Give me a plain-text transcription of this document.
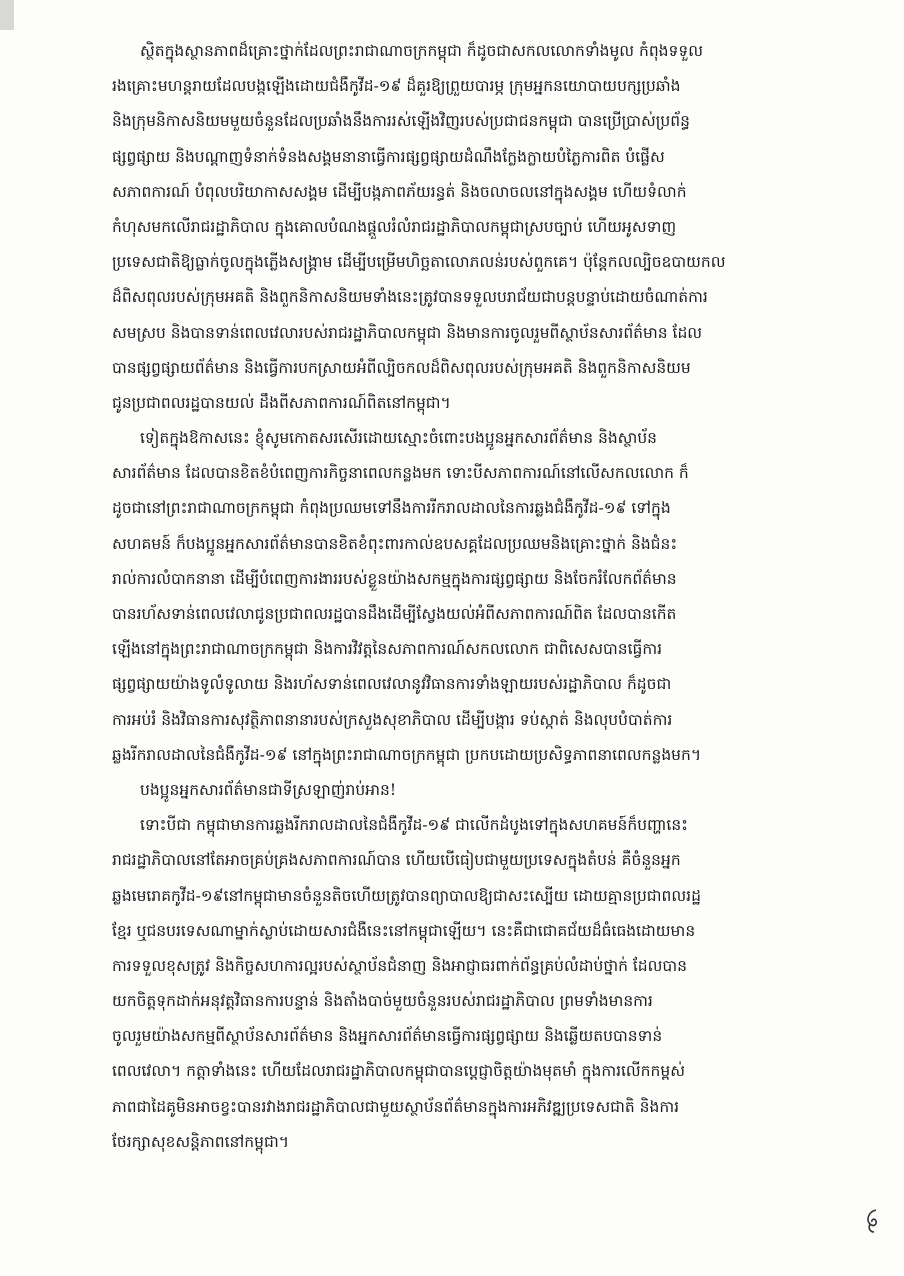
ស្ថិតក្នុងស្ថានភាពដ៏គ្រោះថ្នាក់ដែលព្រះរាជាណាចក្រកម្ពុជា ក៏ដូចជាសកលលោកទាំងមូល កំពុងទទួល
រងគ្រោះមហន្តរាយដែលបង្កឡើងដោយជំងឺកូវីដ-១៩ ដ៏គួរឱ្យព្រួយបារម្ភ ក្រុមអ្នកនយោបាយបក្សប្រឆាំង
និងក្រុមនិកាសនិយមមួយចំនួនដែលប្រឆាំងនឹងការរស់ឡើងវិញរបស់ប្រជាជនកម្ពុជា បានប្រើប្រាស់ប្រព័ន្ធ
ផ្សព្វផ្សាយ និងបណ្តាញទំនាក់ទំនងសង្គមនានាធ្វើការផ្សព្វផ្សាយដំណឹងក្លែងក្លាយបំភ្លៃការពិត បំផ្លើស
សភាពការណ៍ បំពុលបរិយាកាសសង្គម ដើម្បីបង្កភាពភ័យរន្ធត់ និងចលាចលនៅក្នុងសង្គម ហើយទំលាក់
កំហុសមកលើរាជរដ្ឋាភិបាល ក្នុងគោលបំណងផ្តួលរំលំរាជរដ្ឋាភិបាលកម្ពុជាស្របច្បាប់ ហើយអូសទាញ
ប្រទេសជាតិឱ្យធ្លាក់ចូលក្នុងភ្លើងសង្គ្រាម ដើម្បីបម្រើមហិច្ឆតាលោភលន់របស់ពួកគេ។ ប៉ុន្តែកលល្បិចឧបាយកល
ដ៏ពិសពុលរបស់ក្រុមអគតិ និងពួកនិកាសនិយមទាំងនេះត្រូវបានទទួលបរាជ័យជាបន្តបន្ទាប់ដោយចំណាត់ការ
សមស្រប និងបានទាន់ពេលវេលារបស់រាជរដ្ឋាភិបាលកម្ពុជា និងមានការចូលរួមពីស្ថាប័នសារព័ត៌មាន ដែល
បានផ្សព្វផ្សាយព័ត៌មាន និងធ្វើការបកស្រាយអំពីល្បិចកលដ៏ពិសពុលរបស់ក្រុមអគតិ និងពួកនិកាសនិយម
ជូនប្រជាពលរដ្ឋបានយល់ ដឹងពីសភាពការណ៍ពិតនៅកម្ពុជា។
ទៀតក្នុងឱកាសនេះ ខ្ញុំសូមកោតសរសើរដោយស្មោះចំពោះបងប្អូនអ្នកសារព័ត៌មាន និងស្ថាប័ន
សារព័ត៌មាន ដែលបានខិតខំបំពេញការកិច្ចនាពេលកន្លងមក ទោះបីសភាពការណ៍នៅលើសកលលោក ក៏
ដូចជានៅព្រះរាជាណាចក្រកម្ពុជា កំពុងប្រឈមទៅនឹងការរីករាលដាលនៃការឆ្លងជំងឺកូវីដ-១៩ ទៅក្នុង
សហគមន៍ ក៏បងប្អូនអ្នកសារព័ត៌មានបានខិតខំពុះពារកាល់ឧបសគ្គដែលប្រឈមនិងគ្រោះថ្នាក់ និងជំនះ
រាល់ការលំបាកនានា ដើម្បីបំពេញការងាររបស់ខ្លួនយ៉ាងសកម្មក្នុងការផ្សព្វផ្សាយ និងចែករំលែកព័ត៌មាន
បានរហ័សទាន់ពេលវេលាជូនប្រជាពលរដ្ឋបានដឹងដើម្បីស្វែងយល់អំពីសភាពការណ៍ពិត ដែលបានកើត
ឡើងនៅក្នុងព្រះរាជាណាចក្រកម្ពុជា និងការវិវត្តនៃសភាពការណ៍សកលលោក ជាពិសេសបានធ្វើការ
ផ្សព្វផ្សាយយ៉ាងទូលំទូលាយ និងរហ័សទាន់ពេលវេលានូវវិធានការទាំងឡាយរបស់រដ្ឋាភិបាល ក៏ដូចជា
ការអប់រំ និងវិធានការសុវត្ថិភាពនានារបស់ក្រសួងសុខាភិបាល ដើម្បីបង្ការ ទប់ស្កាត់ និងលុបបំបាត់ការ
ឆ្លងរីករាលដាលនៃជំងឺកូវីដ-១៩ នៅក្នុងព្រះរាជាណាចក្រកម្ពុជា ប្រកបដោយប្រសិទ្ធភាពនាពេលកន្លងមក។
បងប្អូនអ្នកសារព័ត៌មានជាទីស្រឡាញ់រាប់អាន!
ទោះបីជា កម្ពុជាមានការឆ្លងរីករាលដាលនៃជំងឺកូវីដ-១៩ ជាលើកដំបូងទៅក្នុងសហគមន៍ក៏បញ្ហានេះ
រាជរដ្ឋាភិបាលនៅតែអាចគ្រប់គ្រងសភាពការណ៍បាន ហើយបើធៀបជាមួយប្រទេសក្នុងតំបន់ គឺចំនួនអ្នក
ឆ្លងមេរោគកូវីដ-១៩នៅកម្ពុជាមានចំនួនតិចហើយត្រូវបានព្យាបាលឱ្យជាសះស្បើយ ដោយគ្មានប្រជាពលរដ្ឋ
ខ្មែរ ឬជនបរទេសណាម្នាក់ស្លាប់ដោយសារជំងឺនេះនៅកម្ពុជាឡើយ។ នេះគឺជាជោគជ័យដ៏ធំធេងដោយមាន
ការទទួលខុសត្រូវ និងកិច្ចសហការល្អរបស់ស្ថាប័នជំនាញ និងអាជ្ញាធរពាក់ព័ន្ធគ្រប់លំដាប់ថ្នាក់ ដែលបាន
យកចិត្តទុកដាក់អនុវត្តវិធានការបន្ទាន់ និងតាំងបាច់មួយចំនួនរបស់រាជរដ្ឋាភិបាល ព្រមទាំងមានការ
ចូលរួមយ៉ាងសកម្មពីស្ថាប័នសារព័ត៌មាន និងអ្នកសារព័ត៌មានធ្វើការផ្សព្វផ្សាយ និងឆ្លើយតបបានទាន់
ពេលវេលា។ កត្តាទាំងនេះ ហើយដែលរាជរដ្ឋាភិបាលកម្ពុជាបានប្តេជ្ញាចិត្តយ៉ាងមុតមាំ ក្នុងការលើកកម្ពស់
ភាពជាដៃគូមិនអាចខ្វះបានរវាងរាជរដ្ឋាភិបាលជាមួយស្ថាប័នព័ត៌មានក្នុងការអភិវឌ្ឍប្រទេសជាតិ និងការ
ថែរក្សាសុខសន្តិភាពនៅកម្ពុជា។
